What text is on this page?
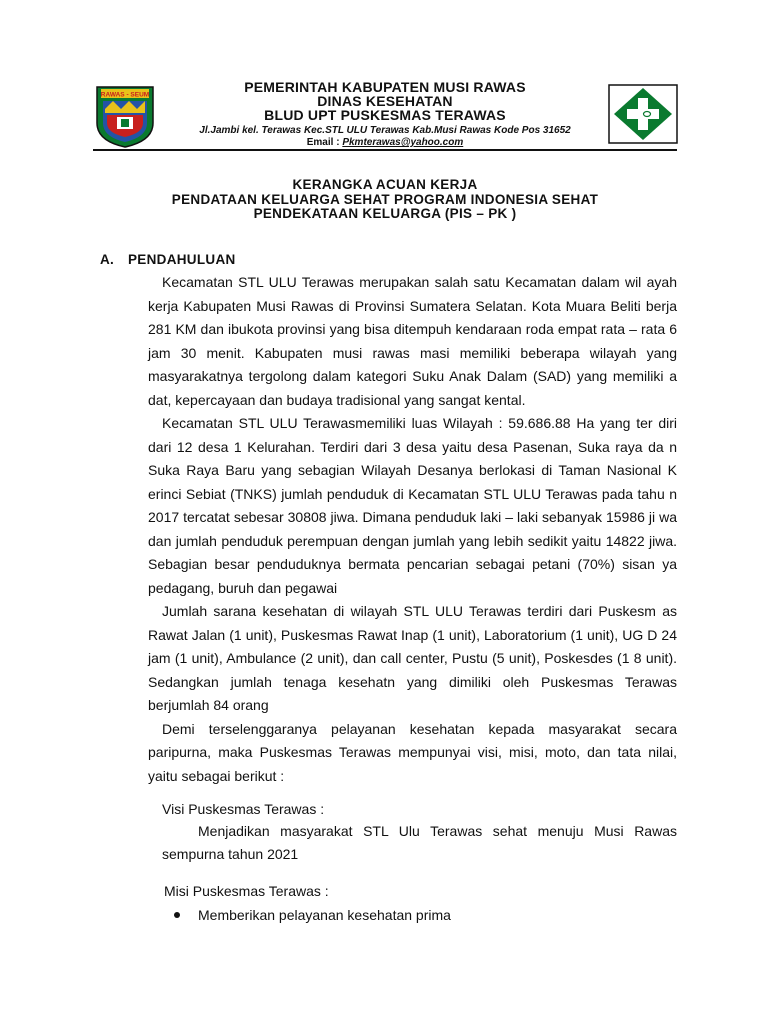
RAWAS - SEUM	PEMERINTAH KABUPATEN MUSI RAWAS
DINAS KESEHATAN
BLUD UPT PUSKESMAS TERAWAS
Jl.Jambi kel. Terawas Kec.STL ULU Terawas Kab.Musi Rawas Kode Pos 31652
Email : Pkmterawas@yahoo.com
KERANGKA ACUAN KERJA
PENDATAAN KELUARGA SEHAT PROGRAM INDONESIA SEHAT
PENDEKATAAN KELUARGA (PIS – PK )
A. PENDAHULUAN

Kecamatan STL ULU Terawas merupakan salah satu Kecamatan dalam wil ayah kerja Kabupaten Musi Rawas di Provinsi Sumatera Selatan. Kota Muara Beliti berja 281 KM dan ibukota provinsi yang bisa ditempuh kendaraan roda empat rata – rata 6 jam 30 menit. Kabupaten musi rawas masi memiliki beberapa wilayah yang masyarakatnya tergolong dalam kategori Suku Anak Dalam (SAD) yang memiliki a dat, kepercayaan dan budaya tradisional yang sangat kental.

Kecamatan STL ULU Terawasmemiliki luas Wilayah : 59.686.88 Ha yang ter diri dari 12 desa 1 Kelurahan. Terdiri dari 3 desa yaitu desa Pasenan, Suka raya da n Suka Raya Baru yang sebagian Wilayah Desanya berlokasi di Taman Nasional K erinci Sebiat (TNKS) jumlah penduduk di Kecamatan STL ULU Terawas pada tahu n 2017 tercatat sebesar 30808 jiwa. Dimana penduduk laki – laki sebanyak 15986 ji wa dan jumlah penduduk perempuan dengan jumlah yang lebih sedikit yaitu 14822 jiwa. Sebagian besar penduduknya bermata pencarian sebagai petani (70%) sisan ya pedagang, buruh dan pegawai

Jumlah sarana kesehatan di wilayah STL ULU Terawas terdiri dari Puskesm as Rawat Jalan (1 unit), Puskesmas Rawat Inap (1 unit), Laboratorium (1 unit), UG D 24 jam (1 unit), Ambulance (2 unit), dan call center, Pustu (5 unit), Poskesdes (1 8 unit). Sedangkan jumlah tenaga kesehatn yang dimiliki oleh Puskesmas Terawas berjumlah 84 orang

Demi terselenggaranya pelayanan kesehatan kepada masyarakat secara paripurna, maka Puskesmas Terawas mempunyai visi, misi, moto, dan tata nilai, yaitu sebagai berikut :

Visi Puskesmas Terawas :
Menjadikan masyarakat STL Ulu Terawas sehat menuju Musi Rawas sempurna tahun 2021
Misi Puskesmas Terawas :
Memberikan pelayanan kesehatan prima
